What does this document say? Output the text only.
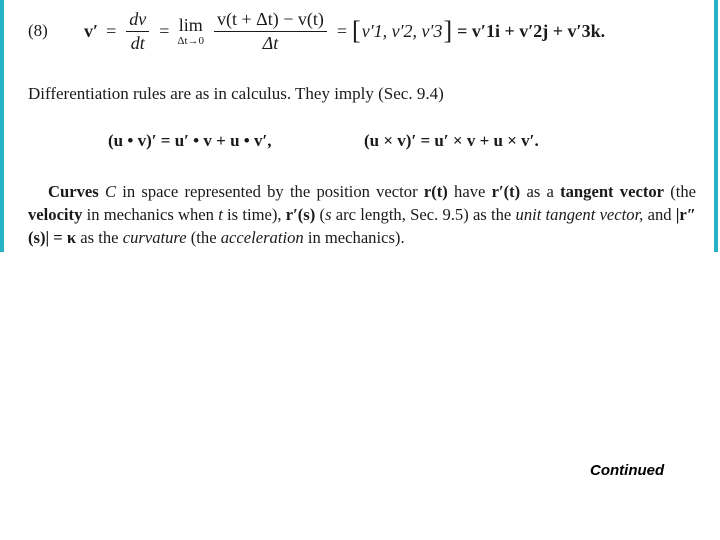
(8) $v' = \frac{dv}{dt} = \lim$
$\Delta t\to 0 \frac{v(t + \Delta t) - v(t)}{\Delta t}$ = [ v′1, v′2, v′3 ] = v′1i + v′2j + v′3k.
Differentiation rules are as in calculus. They imply (Sec. 9.4)
(u • v)′ = u′ • v + u • v′,	(u × v)′ = u′ × v + u × v′.
Curves C in space represented by the position vector r(t) have r′(t) as a tangent vector (the velocity in mechanics when t is time), r′(s) (s arc length, Sec. 9.5) as the unit tangent vector, and |r″(s)| = κ as the curvature (the acceleration in mechanics).
Continued
